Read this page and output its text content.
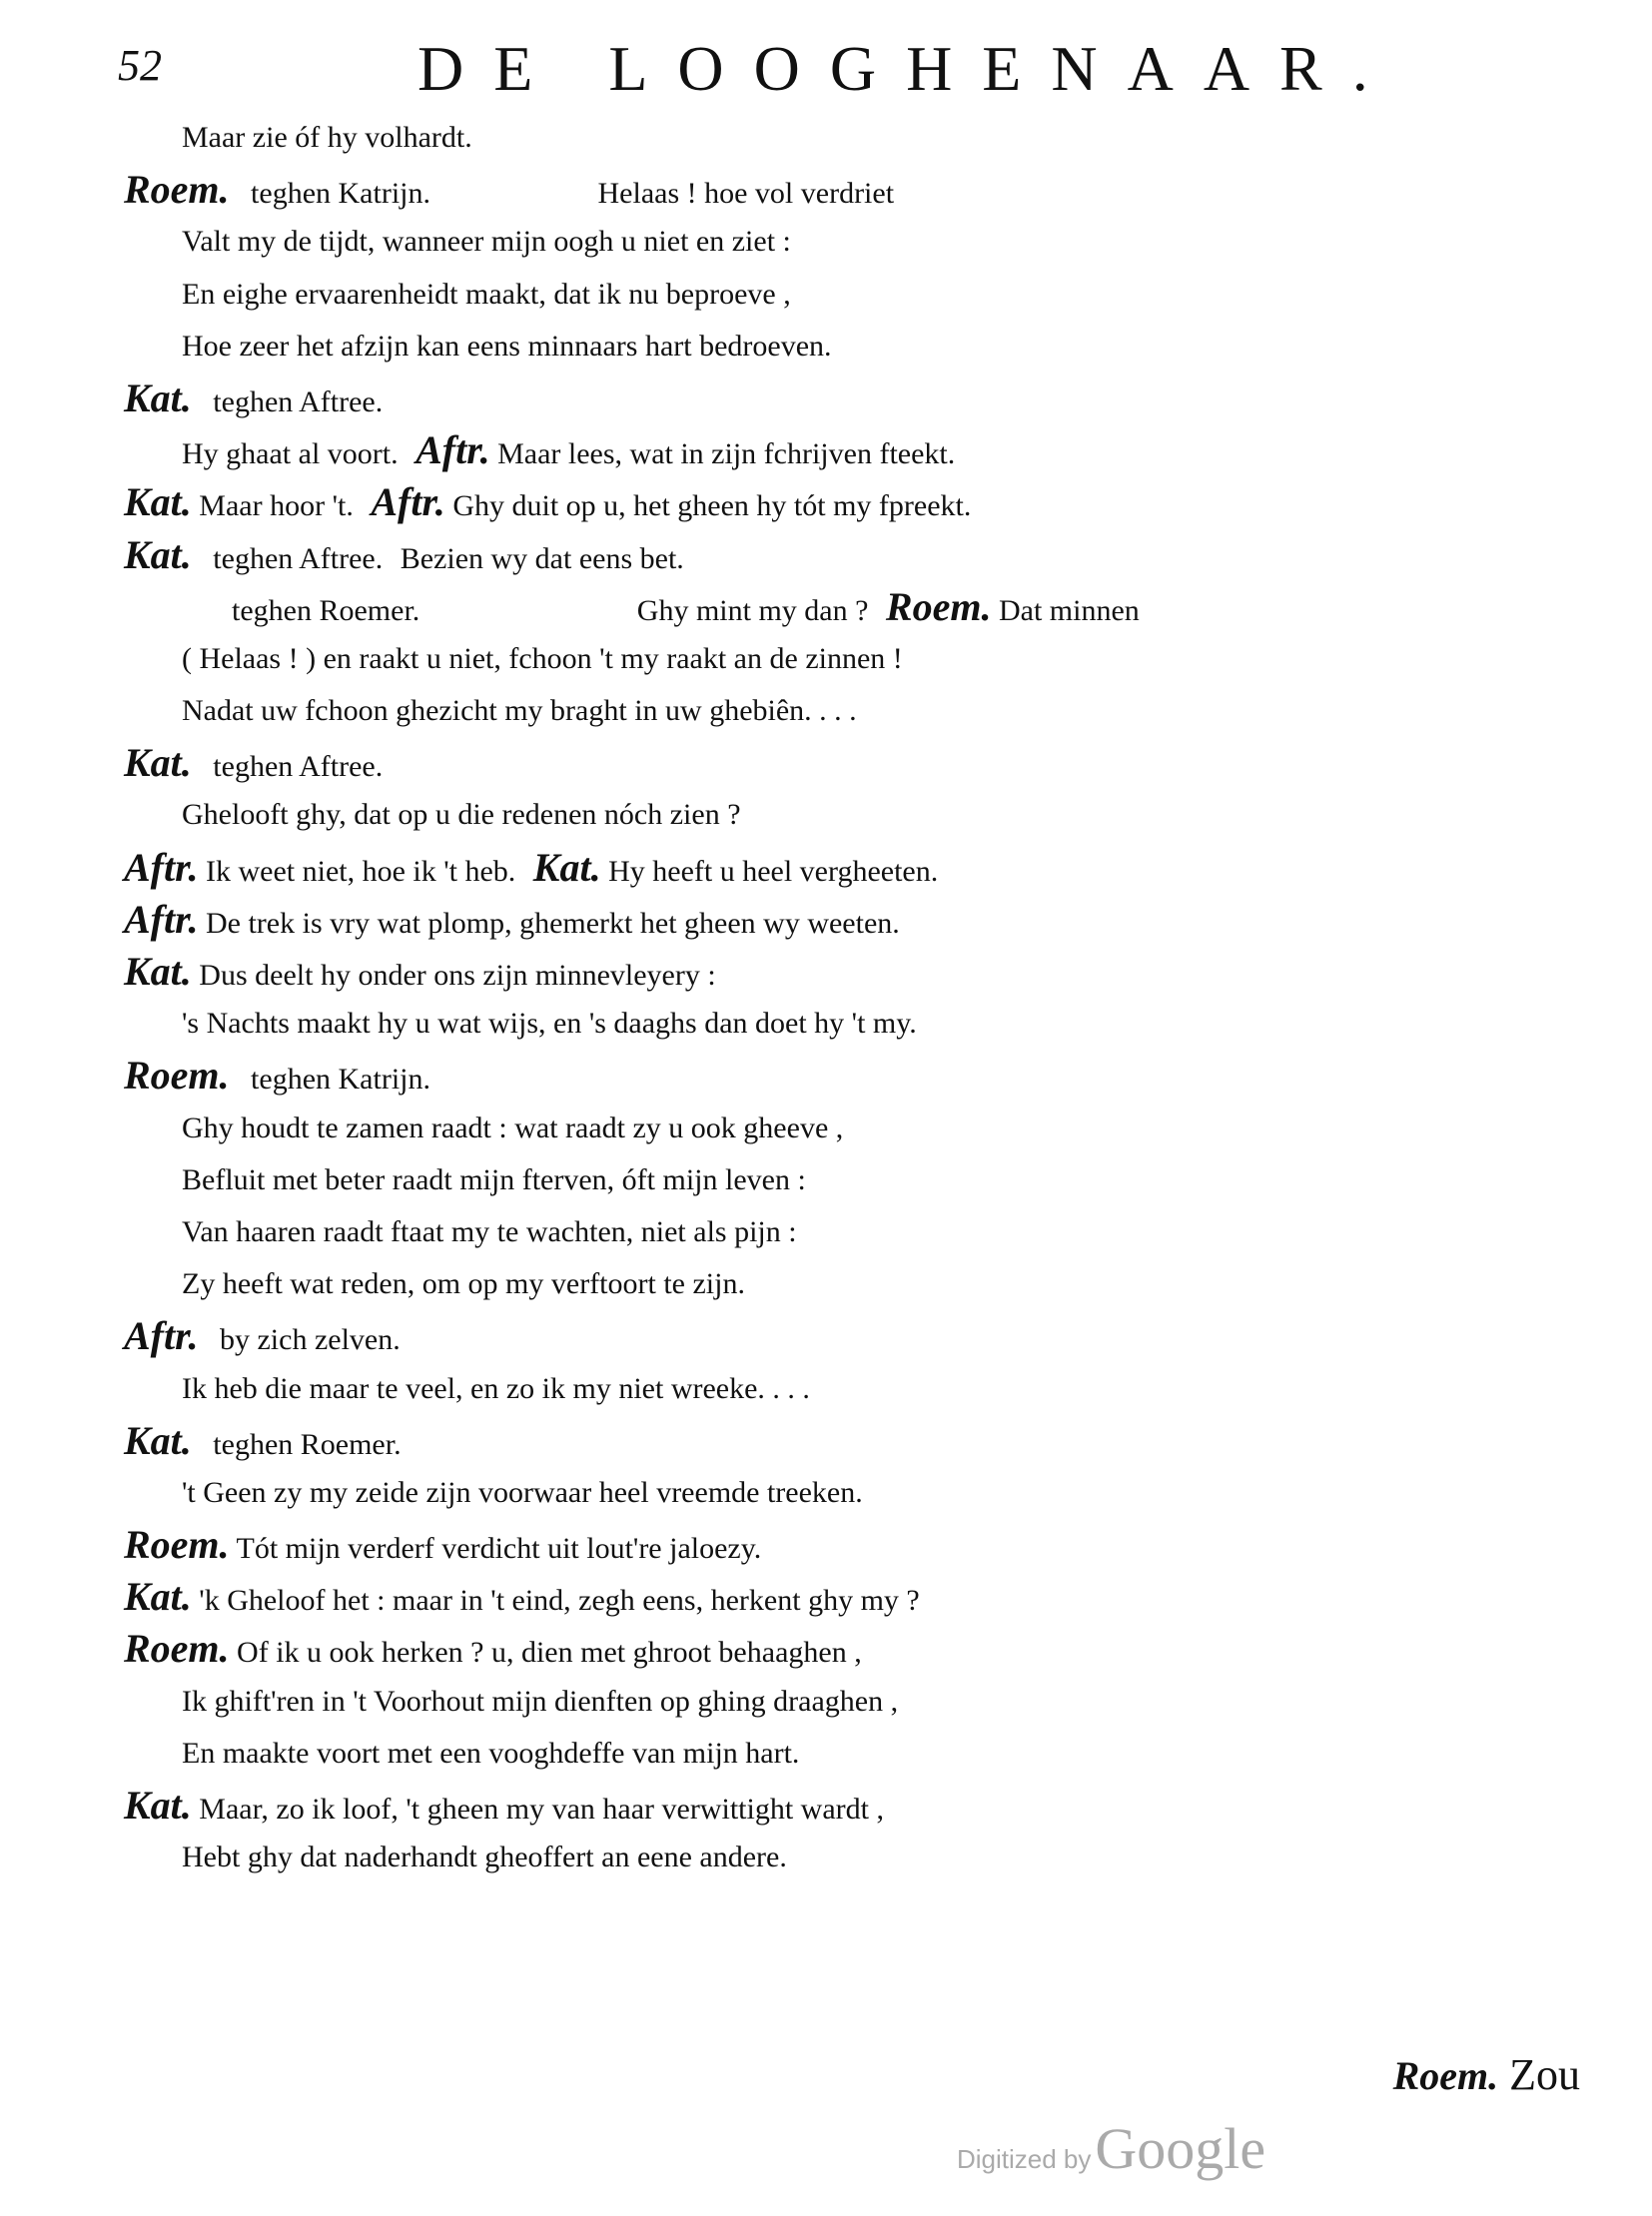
52	DE LOOGHENAAR.
Maar zie óf hy volhardt.
Roem. teghen Katrijn.	Helaas ! hoe vol verdriet
Valt my de tijdt, wanneer mijn oogh u niet en ziet :
En eighe ervaarenheidt maakt, dat ik nu beproeve ,
Hoe zeer het afzijn kan eens minnaars hart bedroeven.
Kat. teghen Aftree.
Hy ghaat al voort. Aftr. Maar lees, wat in zijn fchrijven fteekt.
Kat. Maar hoor 't. Aftr. Ghy duit op u, het gheen hy tót my fpreekt.
Kat. teghen Aftree. Bezien wy dat eens bet.
teghen Roemer.	Ghy mint my dan ? Roem. Dat minnen
( Helaas ! ) en raakt u niet, fchoon 't my raakt an de zinnen !
Nadat uw fchoon ghezicht my braght in uw ghebiên. . . .
Kat. teghen Aftree.
Ghelooft ghy, dat op u die redenen nóch zien ?
Aftr. Ik weet niet, hoe ik 't heb. Kat. Hy heeft u heel vergheeten.
Aftr. De trek is vry wat plomp, ghemerkt het gheen wy weeten.
Kat. Dus deelt hy onder ons zijn minnevleyery :
's Nachts maakt hy u wat wijs, en 's daaghs dan doet hy 't my.
Roem. teghen Katrijn.
Ghy houdt te zamen raadt : wat raadt zy u ook gheeve ,
Befluit met beter raadt mijn fterven, óft mijn leven :
Van haaren raadt ftaat my te wachten, niet als pijn :
Zy heeft wat reden, om op my verftoort te zijn.
Aftr. by zich zelven.
Ik heb die maar te veel, en zo ik my niet wreeke. . . .
Kat. teghen Roemer.
't Geen zy my zeide zijn voorwaar heel vreemde treeken.
Roem. Tót mijn verderf verdicht uit lout're jaloezy.
Kat. 'k Gheloof het : maar in 't eind, zegh eens, herkent ghy my ?
Roem. Of ik u ook herken ? u, dien met ghroot behaaghen ,
Ik ghift'ren in 't Voorhout mijn dienften op ghing draaghen ,
En maakte voort met een vooghdeffe van mijn hart.
Kat. Maar, zo ik loof, 't gheen my van haar verwittight wardt ,
Hebt ghy dat naderhandt gheoffert an eene andere.
Roem. Zou
Digitized by Google
